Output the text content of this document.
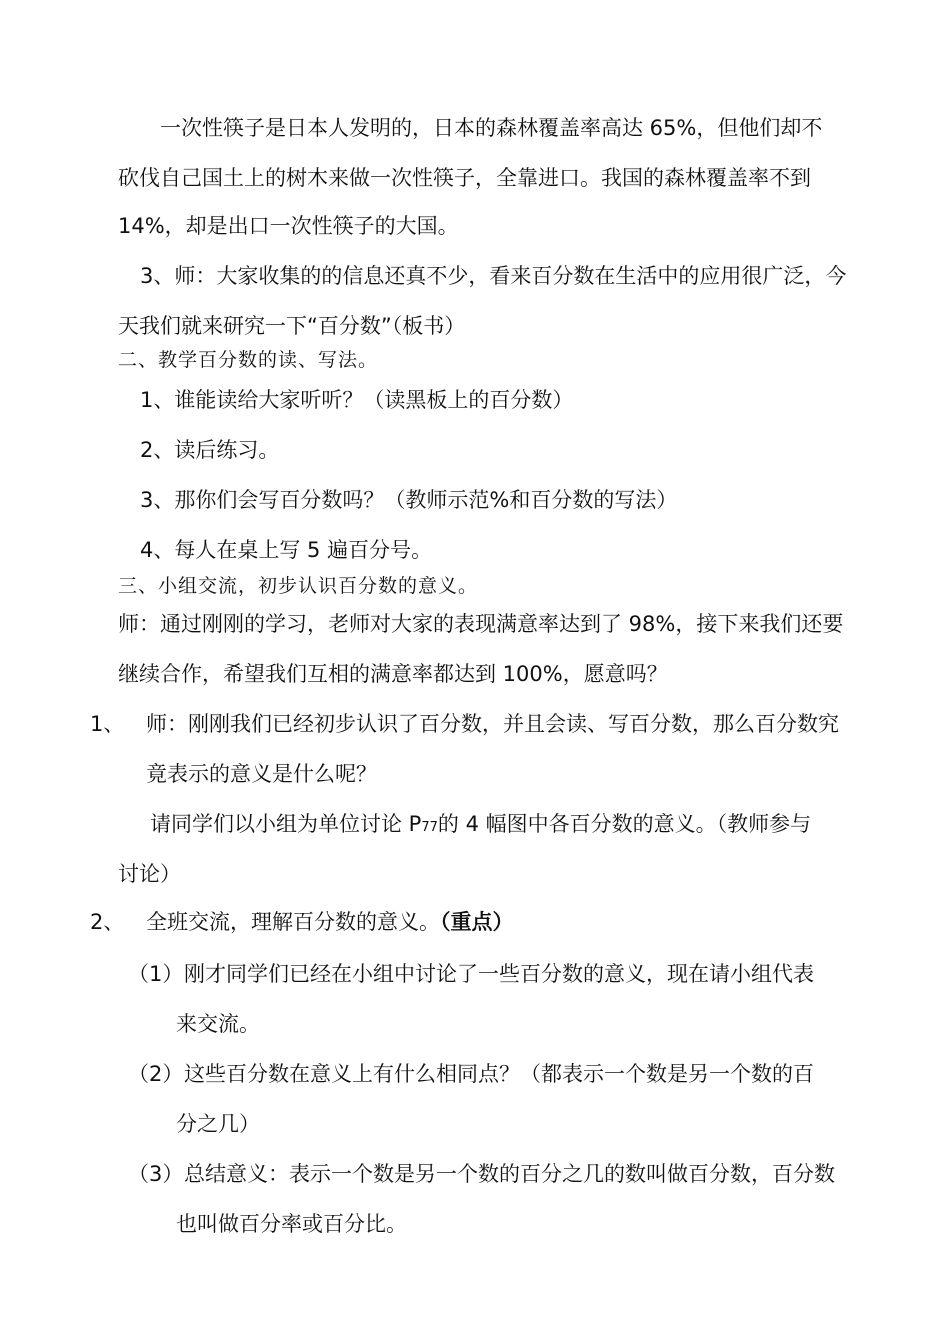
一次性筷子是日本人发明的，日本的森林覆盖率高达 65%，但他们却不
砍伐自己国土上的树木来做一次性筷子，全靠进口。我国的森林覆盖率不到
14%，却是出口一次性筷子的大国。
3、师：大家收集的的信息还真不少，看来百分数在生活中的应用很广泛，今
天我们就来研究一下“百分数”（板书）
二、教学百分数的读、写法。
1、谁能读给大家听听？（读黑板上的百分数）
2、读后练习。
3、那你们会写百分数吗？（教师示范%和百分数的写法）
4、每人在桌上写 5 遍百分号。
三、小组交流，初步认识百分数的意义。
师：通过刚刚的学习，老师对大家的表现满意率达到了 98%，接下来我们还要
继续合作，希望我们互相的满意率都达到 100%，愿意吗？
1、 师：刚刚我们已经初步认识了百分数，并且会读、写百分数，那么百分数究
竟表示的意义是什么呢？
请同学们以小组为单位讨论 P77的 4 幅图中各百分数的意义。（教师参与
讨论）
2、 全班交流，理解百分数的意义。（重点）
（1） 刚才同学们已经在小组中讨论了一些百分数的意义，现在请小组代表
来交流。
（2） 这些百分数在意义上有什么相同点？（都表示一个数是另一个数的百
分之几）
（3） 总结意义：表示一个数是另一个数的百分之几的数叫做百分数，百分数
也叫做百分率或百分比。
